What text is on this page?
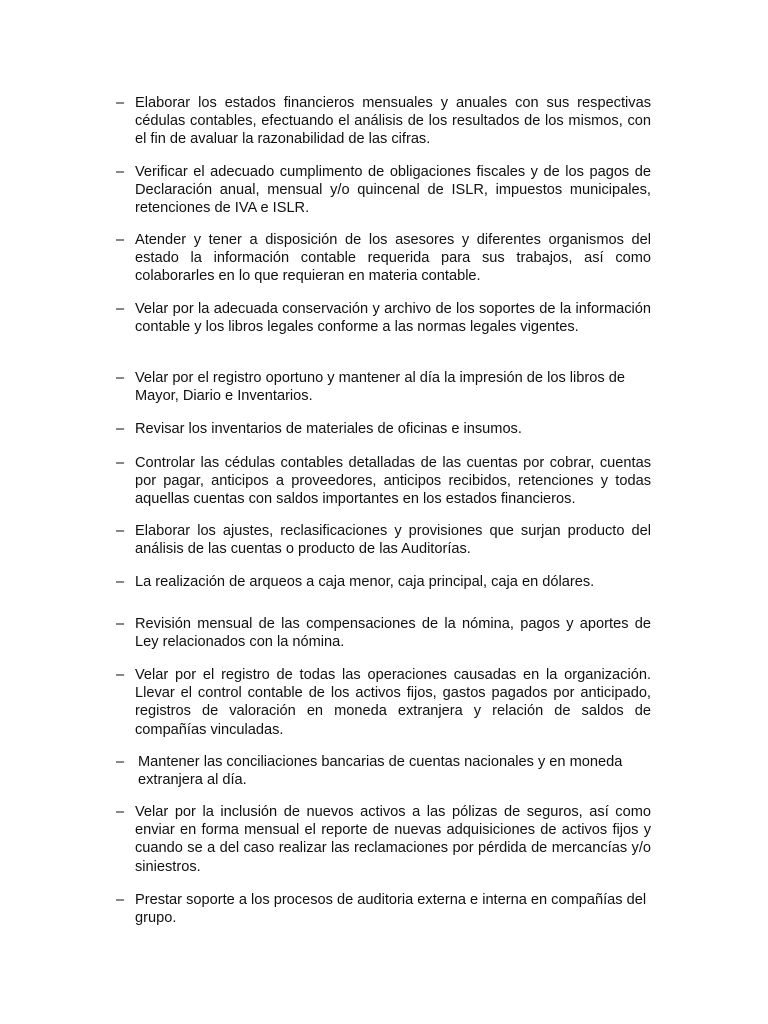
– Elaborar los estados financieros mensuales y anuales con sus respectivas cédulas contables, efectuando el análisis de los resultados de los mismos, con el fin de avaluar la razonabilidad de las cifras.
– Verificar el adecuado cumplimento de obligaciones fiscales y de los pagos de Declaración anual, mensual y/o quincenal de ISLR, impuestos municipales, retenciones de IVA e ISLR.
– Atender y tener a disposición de los asesores y diferentes organismos del estado la información contable requerida para sus trabajos, así como colaborarles en lo que requieran en materia contable.
– Velar por la adecuada conservación y archivo de los soportes de la información contable y los libros legales conforme a las normas legales vigentes.
– Velar por el registro oportuno y mantener al día la impresión de los libros de Mayor, Diario e Inventarios.
– Revisar los inventarios de materiales de oficinas e insumos.
– Controlar las cédulas contables detalladas de las cuentas por cobrar, cuentas por pagar, anticipos a proveedores, anticipos recibidos, retenciones y todas aquellas cuentas con saldos importantes en los estados financieros.
– Elaborar los ajustes, reclasificaciones y provisiones que surjan producto del análisis de las cuentas o producto de las Auditorías.
– La realización de arqueos a caja menor, caja principal, caja en dólares.
– Revisión mensual de las compensaciones de la nómina, pagos y aportes de Ley relacionados con la nómina.
– Velar por el registro de todas las operaciones causadas en la organización. Llevar el control contable de los activos fijos, gastos pagados por anticipado, registros de valoración en moneda extranjera y relación de saldos de compañías vinculadas.
– Mantener las conciliaciones bancarias de cuentas nacionales y en moneda extranjera al día.
– Velar por la inclusión de nuevos activos a las pólizas de seguros, así como enviar en forma mensual el reporte de nuevas adquisiciones de activos fijos y cuando se a del caso realizar las reclamaciones por pérdida de mercancías y/o siniestros.
– Prestar soporte a los procesos de auditoria externa e interna en compañías del grupo.
